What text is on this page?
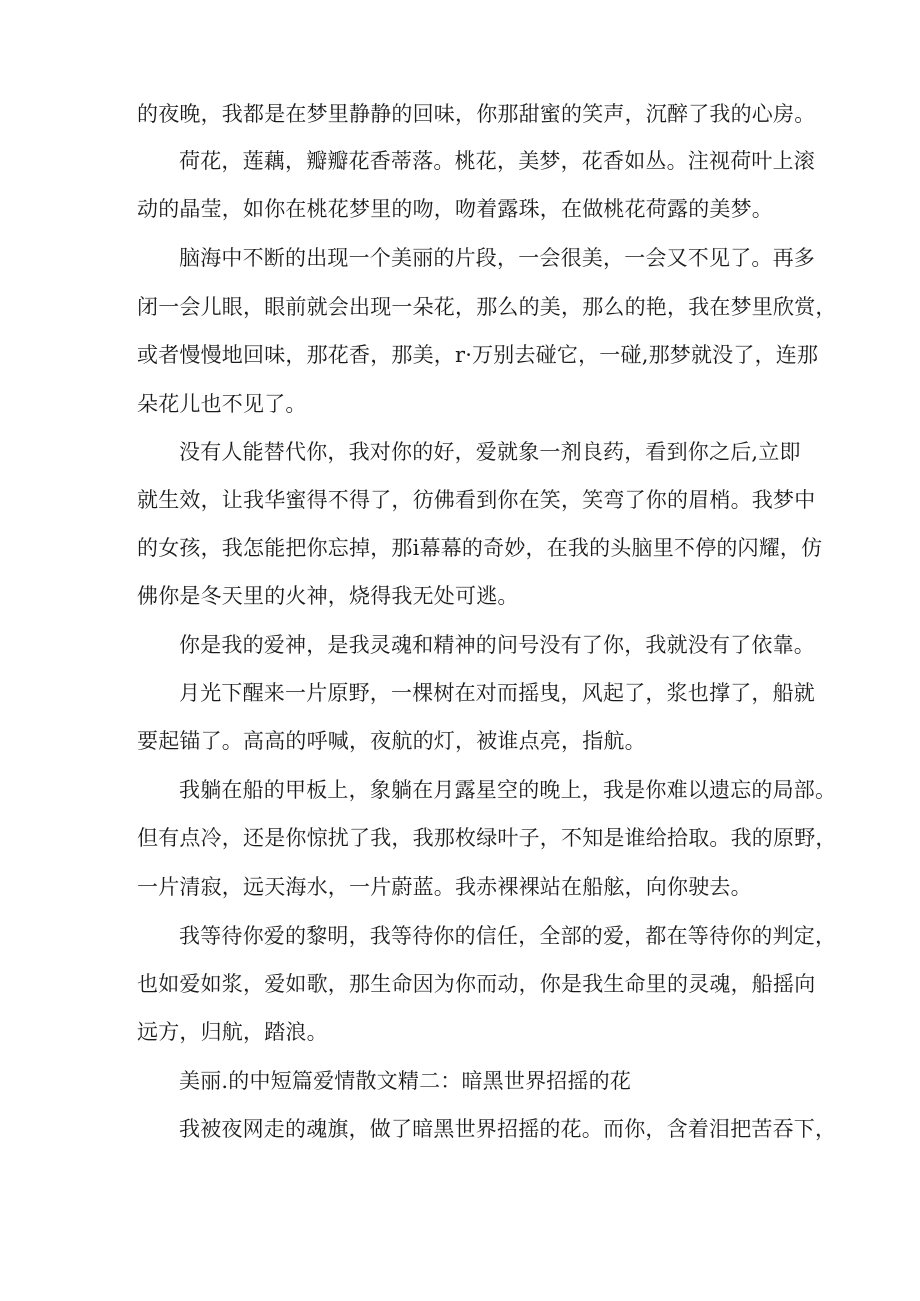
的夜晚，我都是在梦里静静的回味，你那甜蜜的笑声，沉醉了我的心房。
荷花，莲藕，瓣瓣花香蒂落。桃花，美梦，花香如丛。注视荷叶上滚
动的晶莹，如你在桃花梦里的吻，吻着露珠，在做桃花荷露的美梦。
脑海中不断的出现一个美丽的片段，一会很美，一会又不见了。再多
闭一会儿眼，眼前就会出现一朵花，那么的美，那么的艳，我在梦里欣赏，
或者慢慢地回味，那花香，那美，r·万别去碰它，一碰,那梦就没了，连那
朵花儿也不见了。
没有人能替代你，我对你的好，爱就象一剂良药，看到你之后,立即
就生效，让我华蜜得不得了，彷佛看到你在笑，笑弯了你的眉梢。我梦中
的女孩，我怎能把你忘掉，那i幕幕的奇妙，在我的头脑里不停的闪耀，仿
佛你是冬天里的火神，烧得我无处可逃。
你是我的爱神，是我灵魂和精神的问号没有了你，我就没有了依靠。
月光下醒来一片原野，一棵树在对而摇曳，风起了，浆也撑了，船就
要起锚了。高高的呼喊，夜航的灯，被谁点亮，指航。
我躺在船的甲板上，象躺在月露星空的晚上，我是你难以遗忘的局部。
但有点冷，还是你惊扰了我，我那枚绿叶子，不知是谁给拾取。我的原野，
一片清寂，远天海水，一片蔚蓝。我赤裸裸站在船舷，向你驶去。
我等待你爱的黎明，我等待你的信任，全部的爱，都在等待你的判定，
也如爱如浆，爱如歌，那生命因为你而动，你是我生命里的灵魂，船摇向
远方，归航，踏浪。
美丽.的中短篇爱情散文精二：暗黑世界招摇的花
我被夜网走的魂旗，做了暗黑世界招摇的花。而你，含着泪把苦吞下，
